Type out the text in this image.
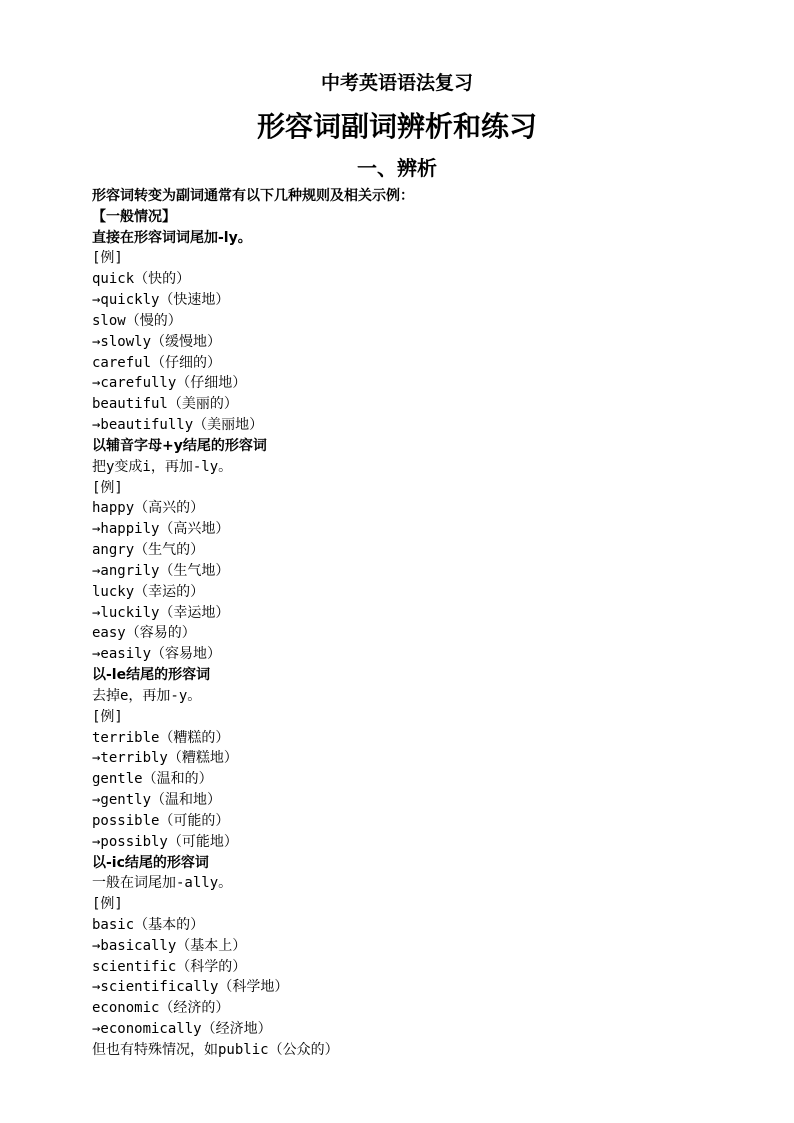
中考英语语法复习
形容词副词辨析和练习
一、辨析
形容词转变为副词通常有以下几种规则及相关示例：
【一般情况】
直接在形容词词尾加-ly。
[例]
quick（快的）
→quickly（快速地）
slow（慢的）
→slowly（缓慢地）
careful（仔细的）
→carefully（仔细地）
beautiful（美丽的）
→beautifully（美丽地）
以辅音字母+y结尾的形容词
把y变成i，再加-ly。
[例]
happy（高兴的）
→happily（高兴地）
angry（生气的）
→angrily（生气地）
lucky（幸运的）
→luckily（幸运地）
easy（容易的）
→easily（容易地）
以-le结尾的形容词
去掉e，再加-y。
[例]
terrible（糟糕的）
→terribly（糟糕地）
gentle（温和的）
→gently（温和地）
possible（可能的）
→possibly（可能地）
以-ic结尾的形容词
一般在词尾加-ally。
[例]
basic（基本的）
→basically（基本上）
scientific（科学的）
→scientifically（科学地）
economic（经济的）
→economically（经济地）
但也有特殊情况，如public（公众的）
